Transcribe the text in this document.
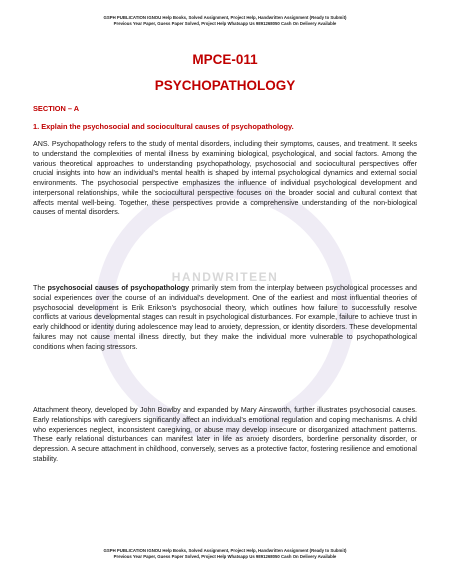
GSPH PUBLICATION IGNOU Help Books, Solved Assignment, Project Help, Handwritten Assignment (Ready to Submit)
Previous Year Paper, Guess Paper Solved, Project Help Whatsapp Us 9891268050 Cash On Delivery Available
HANDWRITEEN
MPCE-011
PSYCHOPATHOLOGY
SECTION – A
1. Explain the psychosocial and sociocultural causes of psychopathology.

ANS. Psychopathology refers to the study of mental disorders, including their symptoms, causes, and treatment. It seeks to understand the complexities of mental illness by examining biological, psychological, and social factors. Among the various theoretical approaches to understanding psychopathology, psychosocial and sociocultural perspectives offer crucial insights into how an individual's mental health is shaped by internal psychological dynamics and external social environments. The psychosocial perspective emphasizes the influence of individual psychological development and interpersonal relationships, while the sociocultural perspective focuses on the broader social and cultural context that affects mental well-being. Together, these perspectives provide a comprehensive understanding of the non-biological causes of mental disorders.

The psychosocial causes of psychopathology primarily stem from the interplay between psychological processes and social experiences over the course of an individual's development. One of the earliest and most influential theories of psychosocial development is Erik Erikson's psychosocial theory, which outlines how failure to successfully resolve conflicts at various developmental stages can result in psychological disturbances. For example, failure to achieve trust in early childhood or identity during adolescence may lead to anxiety, depression, or identity disorders. These developmental failures may not cause mental illness directly, but they make the individual more vulnerable to psychopathological conditions when facing stressors.

Attachment theory, developed by John Bowlby and expanded by Mary Ainsworth, further illustrates psychosocial causes. Early relationships with caregivers significantly affect an individual's emotional regulation and coping mechanisms. A child who experiences neglect, inconsistent caregiving, or abuse may develop insecure or disorganized attachment patterns. These early relational disturbances can manifest later in life as anxiety disorders, borderline personality disorder, or depression. A secure attachment in childhood, conversely, serves as a protective factor, fostering resilience and emotional stability.

GSPH PUBLICATION IGNOU Help Books, Solved Assignment, Project Help, Handwritten Assignment (Ready to Submit)
Previous Year Paper, Guess Paper Solved, Project Help Whatsapp Us 9891268050 Cash On Delivery Available
